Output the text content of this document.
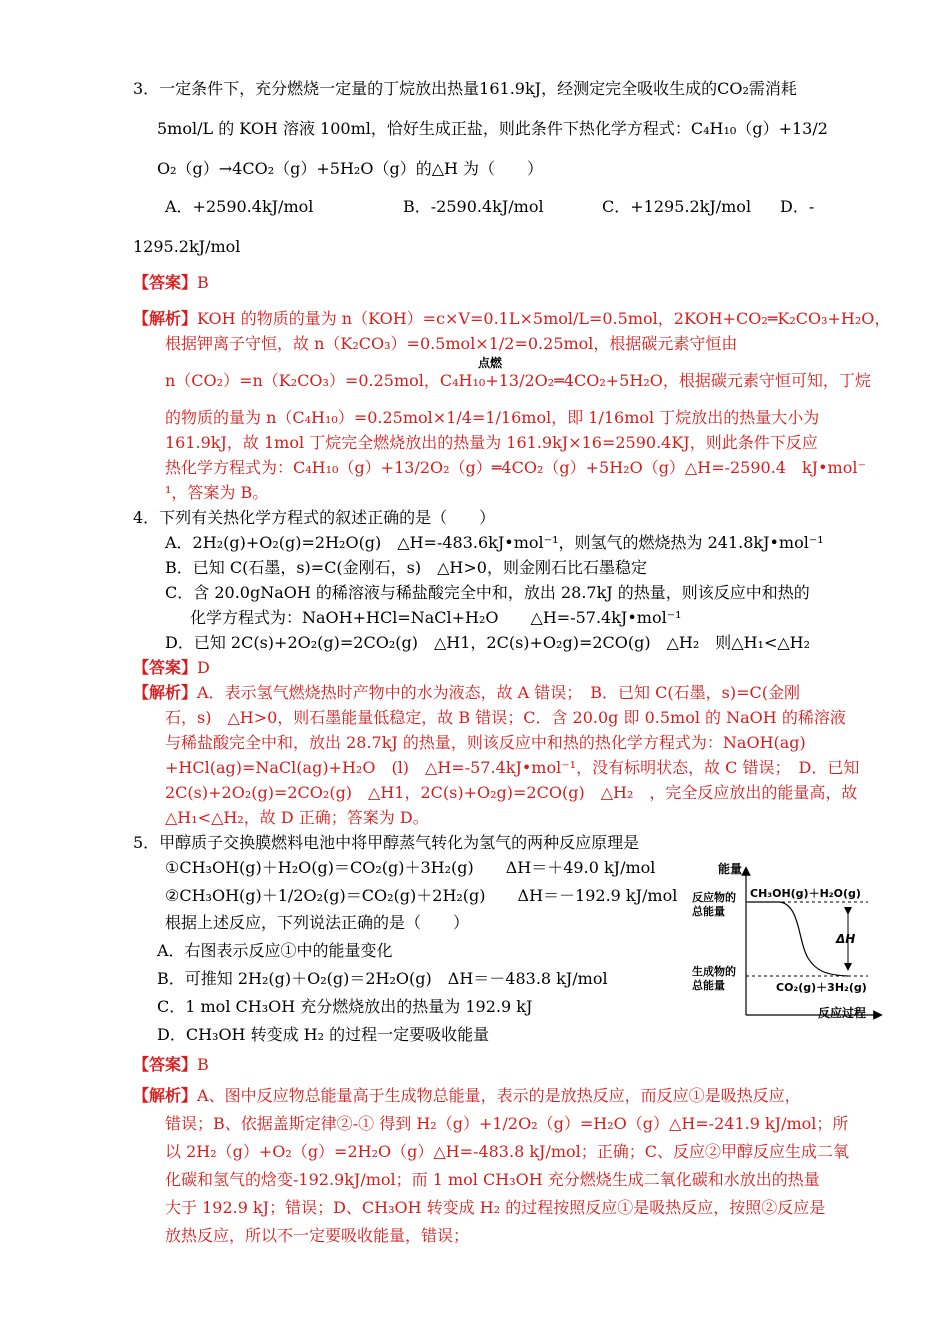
3．一定条件下，充分燃烧一定量的丁烷放出热量161.9kJ，经测定完全吸收生成的CO₂需消耗
5mol/L 的 KOH 溶液 100ml，恰好生成正盐，则此条件下热化学方程式：C₄H₁₀（g）+13/2
O₂（g）→4CO₂（g）+5H₂O（g）的△H 为（　　）
A．+2590.4kJ/mol	B．-2590.4kJ/mol	C．+1295.2kJ/mol D．-
1295.2kJ/mol
【答案】B
【解析】KOH 的物质的量为 n（KOH）=c×V=0.1L×5mol/L=0.5mol，2KOH+CO₂═K₂CO₃+H₂O，
根据钾离子守恒，故 n（K₂CO₃）=0.5mol×1/2=0.25mol，根据碳元素守恒由
点燃
n（CO₂）=n（K₂CO₃）=0.25mol，C₄H₁₀+13/2O₂═4CO₂+5H₂O，根据碳元素守恒可知，丁烷
的物质的量为 n（C₄H₁₀）=0.25mol×1/4=1/16mol，即 1/16mol 丁烷放出的热量大小为
161.9kJ，故 1mol 丁烷完全燃烧放出的热量为 161.9kJ×16=2590.4KJ，则此条件下反应
热化学方程式为：C₄H₁₀（g）+13/2O₂（g）═4CO₂（g）+5H₂O（g）△H=-2590.4　kJ•mol⁻
¹，答案为 B。
4．下列有关热化学方程式的叙述正确的是（　　）
A．2H₂(g)+O₂(g)=2H₂O(g)　△H=-483.6kJ•mol⁻¹，则氢气的燃烧热为 241.8kJ•mol⁻¹
B．已知 C(石墨，s)=C(金刚石，s)　△H>0，则金刚石比石墨稳定
C．含 20.0gNaOH 的稀溶液与稀盐酸完全中和，放出 28.7kJ 的热量，则该反应中和热的
化学方程式为：NaOH+HCl=NaCl+H₂O　　△H=-57.4kJ•mol⁻¹
D．已知 2C(s)+2O₂(g)=2CO₂(g)　△H1，2C(s)+O₂g)=2CO(g)　△H₂　则△H₁<△H₂
【答案】D
【解析】A．表示氢气燃烧热时产物中的水为液态，故 A 错误；　B．已知 C(石墨，s)=C(金刚
石，s)　△H>0，则石墨能量低稳定，故 B 错误；C．含 20.0g 即 0.5mol 的 NaOH 的稀溶液
与稀盐酸完全中和，放出 28.7kJ 的热量，则该反应中和热的热化学方程式为：NaOH(ag)
+HCl(ag)=NaCl(ag)+H₂O　(l)　△H=-57.4kJ•mol⁻¹，没有标明状态，故 C 错误；　D．已知
2C(s)+2O₂(g)=2CO₂(g)　△H1，2C(s)+O₂g)=2CO(g)　△H₂　，完全反应放出的能量高，故
△H₁<△H₂，故 D 正确；答案为 D。
5．甲醇质子交换膜燃料电池中将甲醇蒸气转化为氢气的两种反应原理是
①CH₃OH(g)＋H₂O(g)＝CO₂(g)＋3H₂(g)　　ΔH＝＋49.0 kJ/mol
②CH₃OH(g)＋1/2O₂(g)＝CO₂(g)＋2H₂(g)　　ΔH＝－192.9 kJ/mol
根据上述反应，下列说法正确的是（　　）
A．右图表示反应①中的能量变化
B．可推知 2H₂(g)＋O₂(g)＝2H₂O(g)　ΔH＝－483.8 kJ/mol
C．1 mol CH₃OH 充分燃烧放出的热量为 192.9 kJ
D．CH₃OH 转变成 H₂ 的过程一定要吸收能量
【答案】B
【解析】A、图中反应物总能量高于生成物总能量，表示的是放热反应，而反应①是吸热反应，
错误；B、依据盖斯定律②-① 得到 H₂（g）+1/2O₂（g）=H₂O（g）△H=-241.9 kJ/mol；所
以 2H₂（g）+O₂（g）=2H₂O（g）△H=-483.8 kJ/mol；正确；C、反应②甲醇反应生成二氧
化碳和氢气的焓变-192.9kJ/mol；而 1 mol CH₃OH 充分燃烧生成二氧化碳和水放出的热量
大于 192.9 kJ；错误；D、CH₃OH 转变成 H₂ 的过程按照反应①是吸热反应，按照②反应是
放热反应，所以不一定要吸收能量，错误；
能量
反应过程
ΔH
反应物的
总能量
生成物的
总能量
CH₃OH(g)＋H₂O(g)
CO₂(g)＋3H₂(g)
